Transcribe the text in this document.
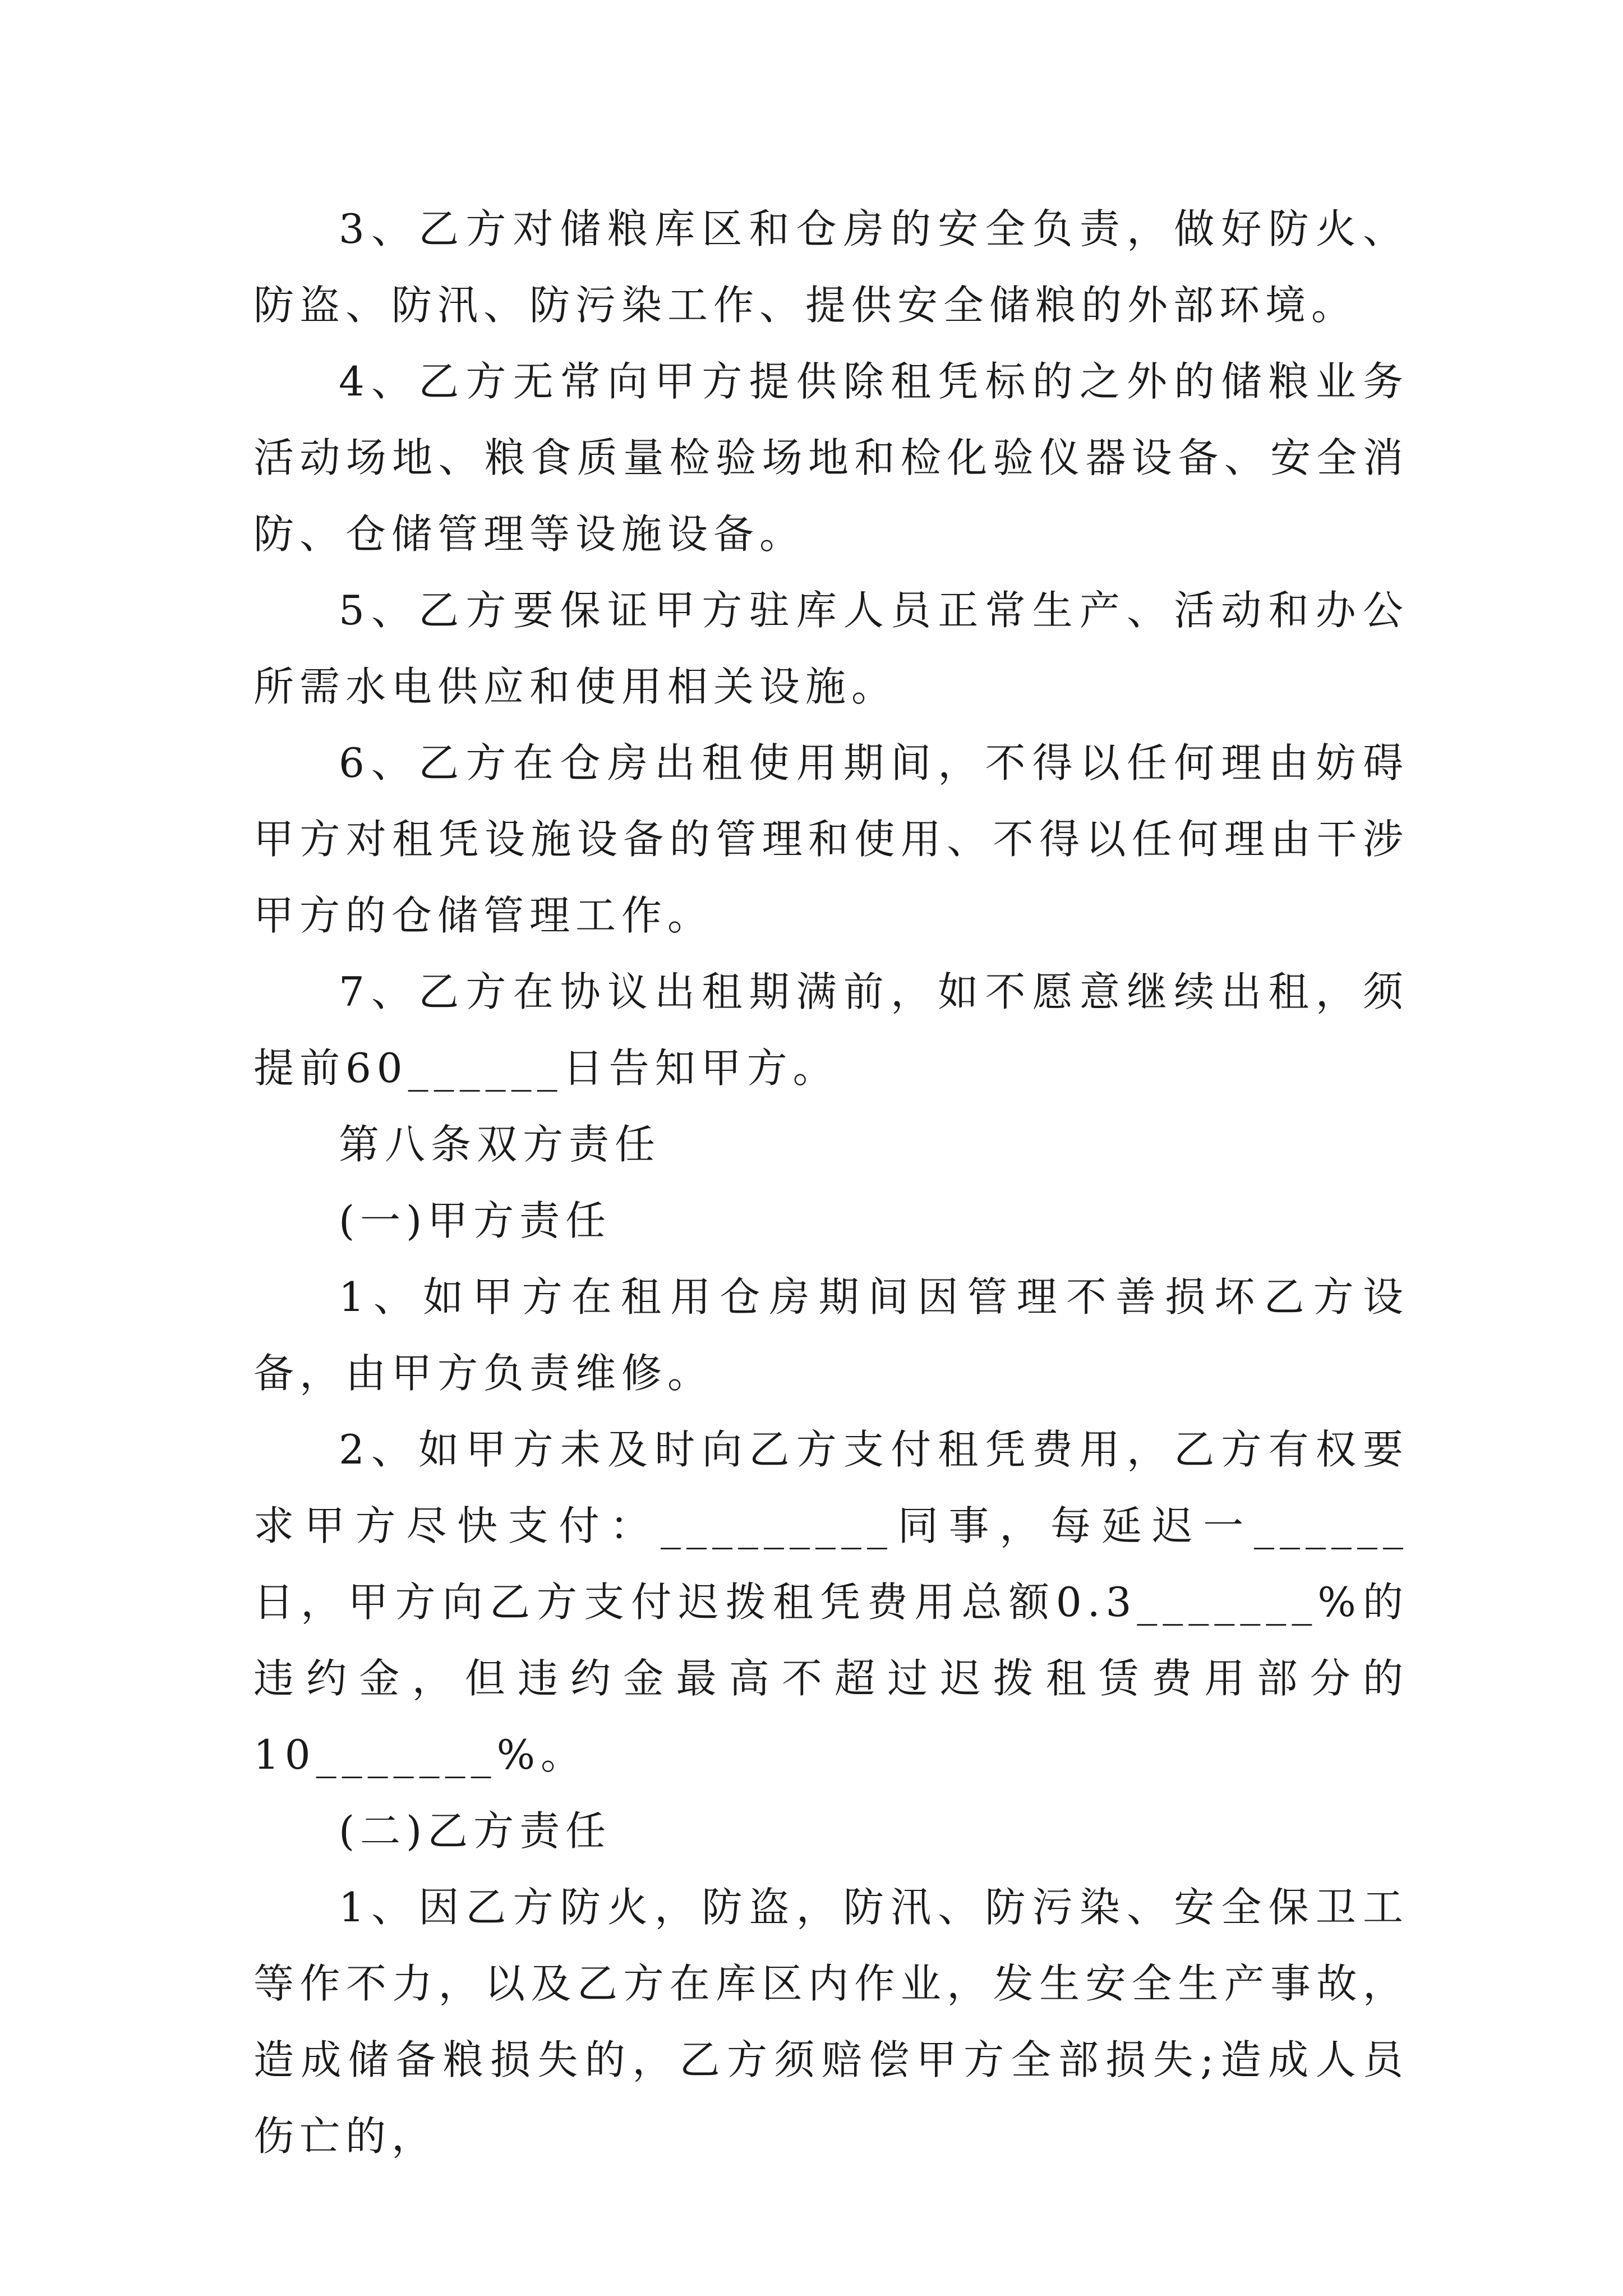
3、乙方对储粮库区和仓房的安全负责，做好防火、防盗、防汛、防污染工作、提供安全储粮的外部环境。

4、乙方无常向甲方提供除租凭标的之外的储粮业务活动场地、粮食质量检验场地和检化验仪器设备、安全消防、仓储管理等设施设备。

5、乙方要保证甲方驻库人员正常生产、活动和办公所需水电供应和使用相关设施。

6、乙方在仓房出租使用期间，不得以任何理由妨碍甲方对租凭设施设备的管理和使用、不得以任何理由干涉甲方的仓储管理工作。

7、乙方在协议出租期满前，如不愿意继续出租，须提前60______日告知甲方。

第八条双方责任

(一)甲方责任

1、如甲方在租用仓房期间因管理不善损坏乙方设备，由甲方负责维修。

2、如甲方未及时向乙方支付租凭费用，乙方有权要求甲方尽快支付：_________同事，每延迟一______日，甲方向乙方支付迟拨租凭费用总额0.3_______%的违约金，但违约金最高不超过迟拨租赁费用部分的10_______%。

(二)乙方责任

1、因乙方防火，防盗，防汛、防污染、安全保卫工等作不力，以及乙方在库区内作业，发生安全生产事故，造成储备粮损失的，乙方须赔偿甲方全部损失;造成人员伤亡的，
